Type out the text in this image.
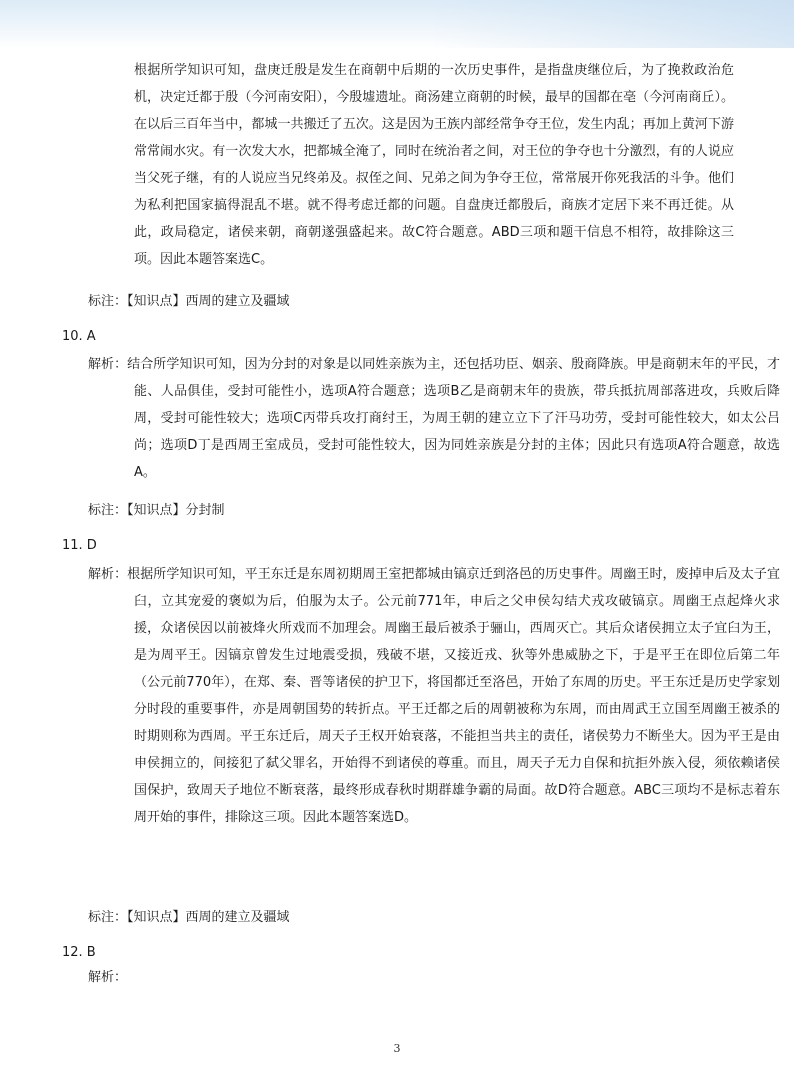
根据所学知识可知，盘庚迁殷是发生在商朝中后期的一次历史事件，是指盘庚继位后，为了挽救政治危机，决定迁都于殷（今河南安阳），今殷墟遗址。商汤建立商朝的时候，最早的国都在亳（今河南商丘）。在以后三百年当中，都城一共搬迁了五次。这是因为王族内部经常争夺王位，发生内乱；再加上黄河下游常常闹水灾。有一次发大水，把都城全淹了，同时在统治者之间，对王位的争夺也十分激烈，有的人说应当父死子继，有的人说应当兄终弟及。叔侄之间、兄弟之间为争夺王位，常常展开你死我活的斗争。他们为私利把国家搞得混乱不堪。就不得考虑迁都的问题。自盘庚迁都殷后，商族才定居下来不再迁徙。从此，政局稳定，诸侯来朝，商朝遂强盛起来。故C符合题意。ABD三项和题干信息不相符，故排除这三项。因此本题答案选C。
标注：【知识点】西周的建立及疆域
10. A
解析：结合所学知识可知，因为分封的对象是以同姓亲族为主，还包括功臣、姻亲、殷商降族。甲是商朝末年的平民，才能、人品俱佳，受封可能性小，选项A符合题意；选项B乙是商朝末年的贵族，带兵抵抗周部落进攻，兵败后降周，受封可能性较大；选项C丙带兵攻打商纣王，为周王朝的建立立下了汗马功劳，受封可能性较大，如太公吕尚；选项D丁是西周王室成员，受封可能性较大，因为同姓亲族是分封的主体；因此只有选项A符合题意，故选A。
标注：【知识点】分封制
11. D
解析：根据所学知识可知，平王东迁是东周初期周王室把都城由镐京迁到洛邑的历史事件。周幽王时，废掉申后及太子宜臼，立其宠爱的褒姒为后，伯服为太子。公元前771年，申后之父申侯勾结犬戎攻破镐京。周幽王点起烽火求援，众诸侯因以前被烽火所戏而不加理会。周幽王最后被杀于骊山，西周灭亡。其后众诸侯拥立太子宜臼为王，是为周平王。因镐京曾发生过地震受损，残破不堪，又接近戎、狄等外患威胁之下，于是平王在即位后第二年（公元前770年），在郑、秦、晋等诸侯的护卫下，将国都迁至洛邑，开始了东周的历史。平王东迁是历史学家划分时段的重要事件，亦是周朝国势的转折点。平王迁都之后的周朝被称为东周，而由周武王立国至周幽王被杀的时期则称为西周。平王东迁后，周天子王权开始衰落，不能担当共主的责任，诸侯势力不断坐大。因为平王是由申侯拥立的，间接犯了弑父罪名，开始得不到诸侯的尊重。而且，周天子无力自保和抗拒外族入侵，须依赖诸侯国保护，致周天子地位不断衰落，最终形成春秋时期群雄争霸的局面。故D符合题意。ABC三项均不是标志着东周开始的事件，排除这三项。因此本题答案选D。
标注：【知识点】西周的建立及疆域
12. B
解析：
3
